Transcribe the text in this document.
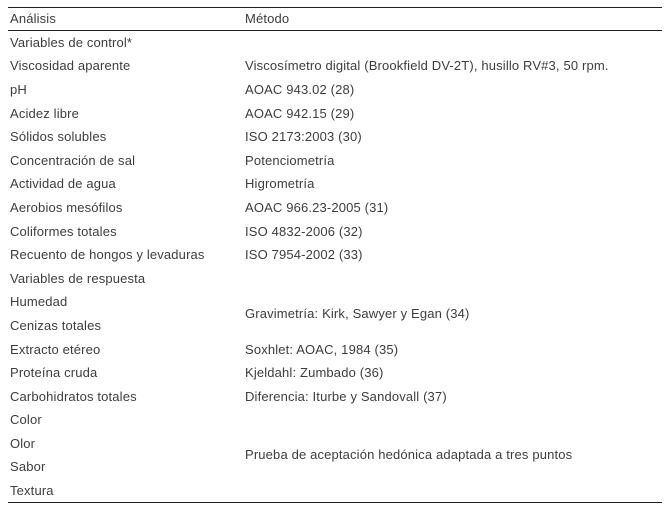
Análisis	Método
Variables de control*	
Viscosidad aparente	Viscosímetro digital (Brookfield DV-2T), husillo RV#3, 50 rpm.
pH	AOAC 943.02 (28)
Acidez libre	AOAC 942.15 (29)
Sólidos solubles	ISO 2173:2003 (30)
Concentración de sal	Potenciometría
Actividad de agua	Higrometría
Aerobios mesófilos	AOAC 966.23-2005 (31)
Coliformes totales	ISO 4832-2006 (32)
Recuento de hongos y levaduras	ISO 7954-2002 (33)
Variables de respuesta	
Humedad	Gravimetría: Kirk, Sawyer y Egan (34)
Cenizas totales	
Extracto etéreo	Soxhlet: AOAC, 1984 (35)
Proteína cruda	Kjeldahl: Zumbado (36)
Carbohidratos totales	Diferencia: Iturbe y Sandovall (37)
Color	Prueba de aceptación hedónica adaptada a tres puntos
Olor	
Sabor	
Textura	
